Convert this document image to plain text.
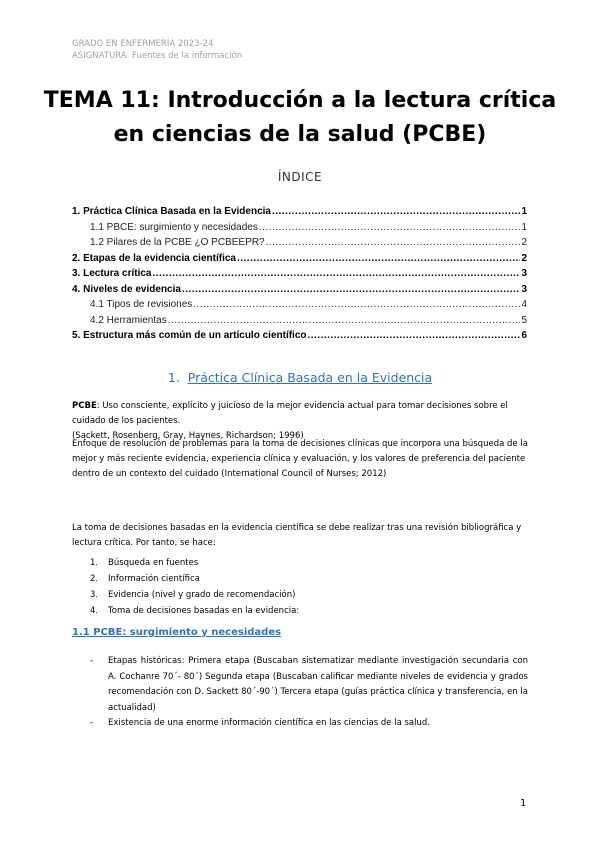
GRADO EN ENFERMERÍA 2023-24
ASIGNATURA: Fuentes de la información
TEMA 11: Introducción a la lectura crítica
en ciencias de la salud (PCBE)
ÍNDICE
1. Práctica Clínica Basada en la Evidencia .....	1
1.1 PBCE: surgimiento y necesidades .....	1
1.2 Pilares de la PCBE ¿O PCBEEPR? .....	2
2. Etapas de la evidencia científica .....	2
3. Lectura crítica .....	3
4. Niveles de evidencia .....	3
4.1 Tipos de revisiones .....	4
4.2 Herramientas .....	5
5. Estructura más común de un artículo científico .....	6
1. Práctica Clínica Basada en la Evidencia
PCBE: Uso consciente, explícito y juicioso de la mejor evidencia actual para tomar decisiones sobre el cuidado de los pacientes.
(Sackett, Rosenberg, Gray, Haynes, Richardson; 1996)
Enfoque de resolución de problemas para la toma de decisiones clínicas que incorpora una búsqueda de la mejor y más reciente evidencia, experiencia clínica y evaluación, y los valores de preferencia del paciente dentro de un contexto del cuidado (International Council of Nurses; 2012)
La toma de decisiones basadas en la evidencia científica se debe realizar tras una revisión bibliográfica y lectura crítica. Por tanto, se hace:
1.	Búsqueda en fuentes
2.	Información científica
3.	Evidencia (nivel y grado de recomendación)
4.	Toma de decisiones basadas en la evidencia:
1.1 PCBE: surgimiento y necesidades
-	Etapas históricas: Primera etapa (Buscaban sistematizar mediante investigación secundaria con A. Cochanre 70´- 80´) Segunda etapa (Buscaban calificar mediante niveles de evidencia y grados recomendación con D. Sackett 80´-90´) Tercera etapa (guías práctica clínica y transferencia, en la actualidad)
-	Existencia de una enorme información científica en las ciencias de la salud.
1
